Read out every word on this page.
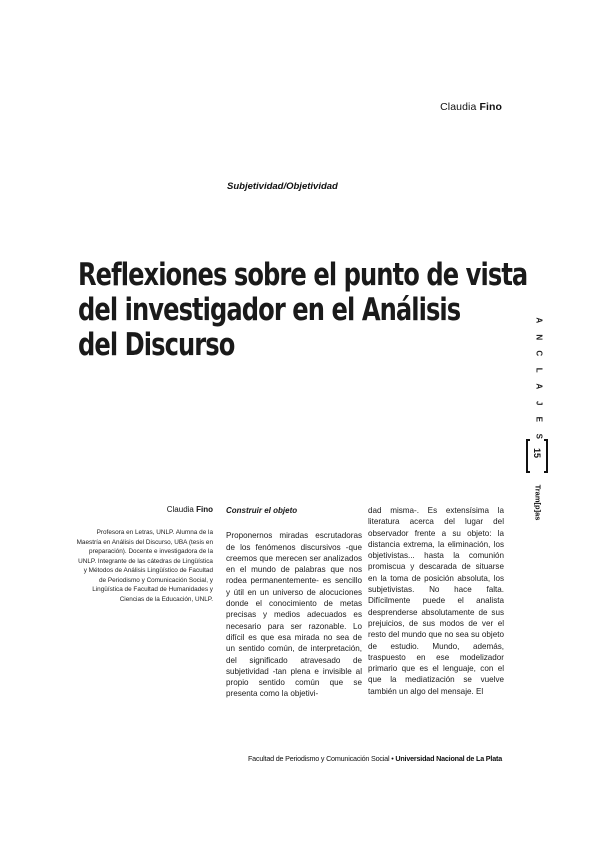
Claudia Fino
Subjetividad/Objetividad
Reflexiones sobre el punto de vista
del investigador en el Análisis
del Discurso
A
N
C
L
A
J
E
S
15
Tram[p]as
Claudia Fino
Profesora en Letras, UNLP. Alumna de la Maestría en Análisis del Discurso, UBA (tesis en preparación). Docente e investigadora de la UNLP. Integrante de las cátedras de Lingüística y Métodos de Análisis Lingüístico de Facultad de Periodismo y Comunicación Social, y Lingüística de Facultad de Humanidades y Ciencias de la Educación, UNLP.
Construir el objeto

Proponernos miradas escrutadoras de los fenómenos discursivos -que creemos que merecen ser analizados en el mundo de palabras que nos rodea permanentemente- es sencillo y útil en un universo de alocuciones donde el conocimiento de metas precisas y medios adecuados es necesario para ser razonable. Lo difícil es que esa mirada no sea de un sentido común, de interpretación, del significado atravesado de subjetividad -tan plena e invisible al propio sentido común que se presenta como la objetivi-

dad misma-. Es extensísima la literatura acerca del lugar del observador frente a su objeto: la distancia extrema, la eliminación, los objetivistas... hasta la comunión promiscua y descarada de situarse en la toma de posición absoluta, los subjetivistas. No hace falta. Difícilmente puede el analista desprenderse absolutamente de sus prejuicios, de sus modos de ver el resto del mundo que no sea su objeto de estudio. Mundo, además, traspuesto en ese modelizador primario que es el lenguaje, con el que la mediatización se vuelve también un algo del mensaje. El

Facultad de Periodismo y Comunicación Social • Universidad Nacional de La Plata
